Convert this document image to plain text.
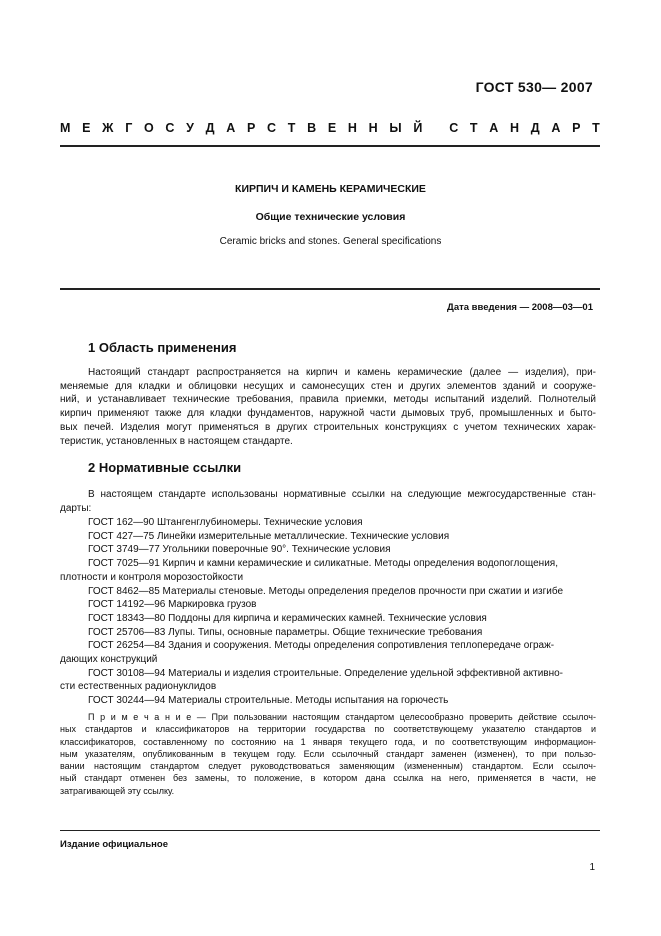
ГОСТ 530— 2007
М Е Ж Г О С У Д А Р С Т В Е Н Н Ы Й
С Т А Н Д А Р Т
КИРПИЧ И КАМЕНЬ КЕРАМИЧЕСКИЕ
Общие технические условия
Ceramic bricks and stones. General specifications
Дата введения — 2008—03—01
1 Область применения
Настоящий стандарт распространяется на кирпич и камень керамические (далее — изделия), при-
меняемые для кладки и облицовки несущих и самонесущих стен и других элементов зданий и сооруже-
ний, и устанавливает технические требования, правила приемки, методы испытаний изделий. Полнотелый
кирпич применяют также для кладки фундаментов, наружной части дымовых труб, промышленных и быто-
вых печей. Изделия могут применяться в других строительных конструкциях с учетом технических харак-
теристик, установленных в настоящем стандарте.
2 Нормативные ссылки
В настоящем стандарте использованы нормативные ссылки на следующие межгосударственные стан-
дарты:
ГОСТ 162—90 Штангенглубиномеры. Технические условия
ГОСТ 427—75 Линейки измерительные металлические. Технические условия
ГОСТ 3749—77 Угольники поверочные 90°. Технические условия
ГОСТ 7025—91 Кирпич и камни керамические и силикатные. Методы определения водопоглощения,
плотности и контроля морозостойкости
ГОСТ 8462—85 Материалы стеновые. Методы определения пределов прочности при сжатии и изгибе
ГОСТ 14192—96 Маркировка грузов
ГОСТ 18343—80 Поддоны для кирпича и керамических камней. Технические условия
ГОСТ 25706—83 Лупы. Типы, основные параметры. Общие технические требования
ГОСТ 26254—84 Здания и сооружения. Методы определения сопротивления теплопередаче ограж-
дающих конструкций
ГОСТ 30108—94 Материалы и изделия строительные. Определение удельной эффективной активно-
сти естественных радионуклидов
ГОСТ 30244—94 Материалы строительные. Методы испытания на горючесть
П р и м е ч а н и е — При пользовании настоящим стандартом целесообразно проверить действие ссылоч-
ных стандартов и классификаторов на территории государства по соответствующему указателю стандартов и
классификаторов, составленному по состоянию на 1 января текущего года, и по соответствующим информацион-
ным указателям, опубликованным в текущем году. Если ссылочный стандарт заменен (изменен), то при пользо-
вании настоящим стандартом следует руководствоваться заменяющим (измененным) стандартом. Если ссылоч-
ный стандарт отменен без замены, то положение, в котором дана ссылка на него, применяется в части, не
затрагивающей эту ссылку.
Издание официальное
1
